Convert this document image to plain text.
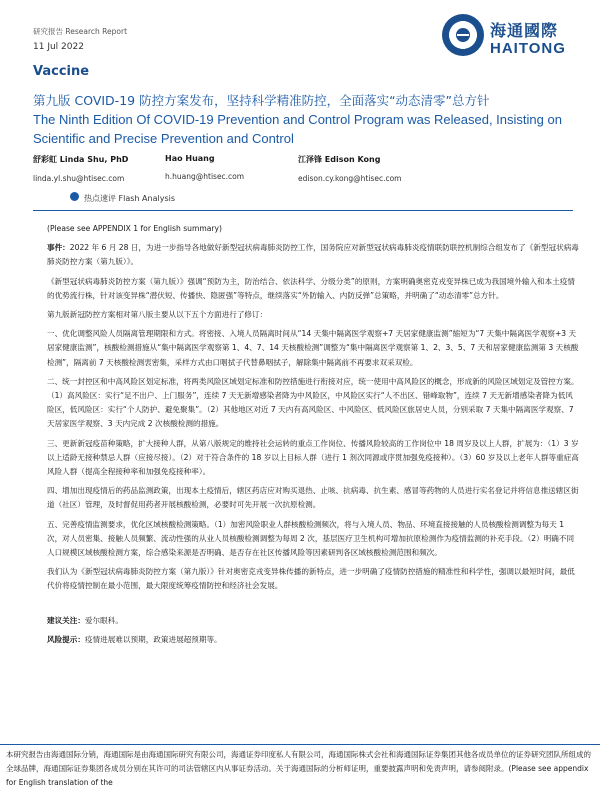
研究报告 Research Report
11 Jul 2022
海通國際
HAITONG
Vaccine
第九版 COVID-19 防控方案发布，坚持科学精准防控，全面落实“动态清零”总方针
The Ninth Edition Of COVID-19 Prevention and Control Program was Released, Insisting on Scientific and Precise Prevention and Control
舒彩虹 Linda Shu, PhD
linda.yl.shu@htisec.com
Hao Huang
h.huang@htisec.com
江泽锋 Edison Kong
edison.cy.kong@htisec.com
热点速评 Flash Analysis

(Please see APPENDIX 1 for English summary)

事件：2022 年 6 月 28 日，为进一步指导各地做好新型冠状病毒肺炎防控工作，国务院应对新型冠状病毒肺炎疫情联防联控机制综合组发布了《新型冠状病毒肺炎防控方案（第九版）》。

《新型冠状病毒肺炎防控方案（第九版）》强调“预防为主，防治结合、依法科学、分级分类”的原则，方案明确奥密克戎变异株已成为我国境外输入和本土疫情的优势流行株，针对该变异株“潜伏短、传播快、隐匿强”等特点，继续落实“外防输入、内防反弹”总策略，并明确了“动态清零”总方针。

第九版新冠防控方案相对第八版主要从以下五个方面进行了修订：

一、优化调整风险人员隔离管理期限和方式。将密接、入境人员隔离时间从“14 天集中隔离医学观察+7 天居家健康监测”缩短为“7 天集中隔离医学观察+3 天居家健康监测”，核酸检测措施从“集中隔离医学观察第 1、4、7、14 天核酸检测”调整为“集中隔离医学观察第 1、2、3、5、7 天和居家健康监测第 3 天核酸检测”，隔离前 7 天核酸检测衷密集，采样方式由口咽拭子代替鼻咽拭子，解除集中隔离前不再要求双采双检。

二、统一封控区和中高风险区划定标准，将两类风险区域划定标准和防控措施进行衔接对应，统一使用中高风险区的概念，形成新的风险区域划定及管控方案。（1）高风险区：实行“足不出户、上门服务”，连续 7 天无新增感染者降为中风险区，中风险区实行“人不出区、错峰取物”，连续 7 天无新增感染者降为低风险区，低风险区：实行“个人防护、避免聚集”。（2）其他地区对近 7 天内有高风险区、中风险区、低风险区旅居史人员，分别采取 7 天集中隔离医学观察、7 天居家医学观察、3 天内完成 2 次核酸检测的措施。

三、更新新冠疫苗种策略，扩大接种人群，从第八版规定的维持社会运转的重点工作岗位、传播风险较高的工作岗位中 18 周岁及以上人群，扩展为：（1）3 岁以上适龄无接种禁忌人群（应接尽接）。（2）对于符合条件的 18 岁以上目标人群（进行 1 剂次同源或序贯加强免疫接种）。（3）60 岁及以上老年人群等重症高风险人群（提高全程接种率和加强免疫接种率）。

四、增加出现疫情后的药品监测政策，出现本土疫情后，辖区药店应对购买退热、止咳、抗病毒、抗生素、感冒等药物的人员进行实名登记并将信息推送辖区街道（社区）管理，及时督促用药者开展核酸检测，必要时可先开展一次抗原检测。

五、完善疫情监测要求，优化区域核酸检测策略。（1）加密风险职业人群核酸检测频次，将与入境人员、物品、环境直接接触的人员核酸检测调整为每天 1 次，对人员密集、接触人员频繁、流动性强的从业人员核酸检测调整为每周 2 次，基层医疗卫生机构可增加抗原检测作为疫情监测的补充手段。（2）明确不同人口规模区域核酸检测方案，综合感染来源是否明确、是否存在社区传播风险等因素研判各区域核酸检测范围和频次。

我们认为《新型冠状病毒肺炎防控方案（第九版）》针对奥密克戎变异株传播的新特点，进一步明确了疫情防控措施的精准性和科学性，强调以最短时间，最低代价将疫情控制在最小范围，最大限度统筹疫情防控和经济社会发展。

建议关注：爱尔眼科。

风险提示：疫情进展难以预期，政策进展超预期等。

本研究报告由海通国际分销，海通国际是由海通国际研究有限公司，海通证券印度私人有限公司，海通国际株式会社和海通国际证券集团其他各成员单位的证券研究团队所组成的全球品牌，海通国际证券集团各成员分别在其许可的司法管辖区内从事证券活动。关于海通国际的分析师证明，重要披露声明和免责声明，请参阅附录。(Please see appendix for English translation of the
